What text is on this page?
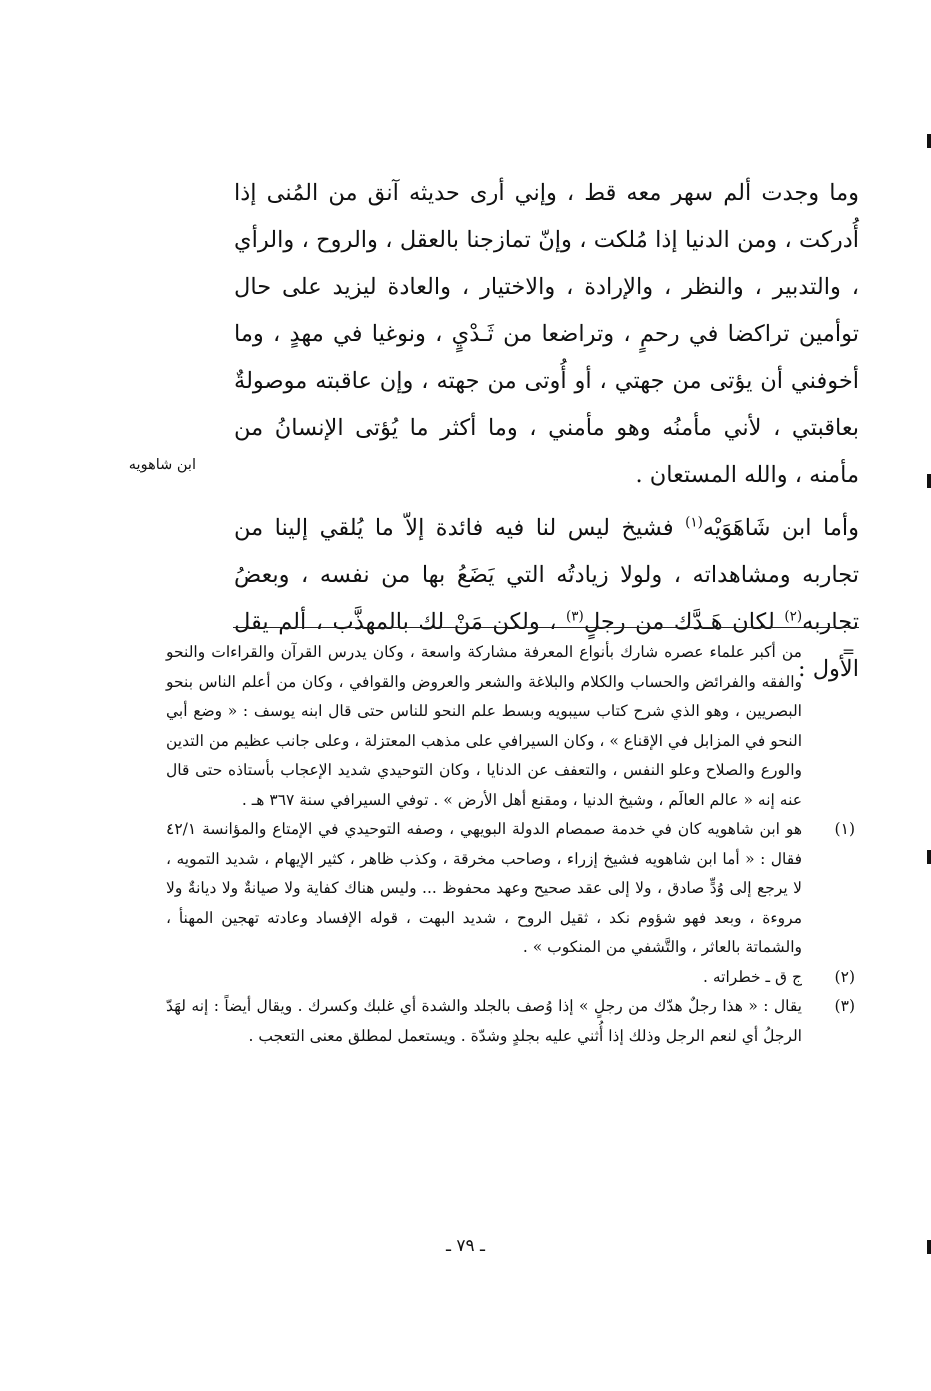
وما وجدت ألم سهر معه قط ، وإني أرى حديثه آنق من المُنى إذا أُدركت ، ومن الدنيا إذا مُلكت ، وإنّ تمازجنا بالعقل ، والروح ، والرأي ، والتدبير ، والنظر ، والإرادة ، والاختيار ، والعادة ليزيد على حال توأمين تراكضا في رحمٍ ، وتراضعا من ثَـدْيٍ ، ونوغيا في مهدٍ ، وما أخوفني أن يؤتى من جهتي ، أو أُوتى من جهته ، وإن عاقبته موصولةٌ بعاقبتي ، لأني مأمنُه وهو مأمني ، وما أكثر ما يُؤتى الإنسانُ من مأمنه ، والله المستعان .

وأما ابن شَاهَوَيْه$^{(١)}$ فشيخ ليس لنا فيه فائدة إلاّ ما يُلقي إلينا من تجاربه ومشاهداته ، ولولا زيادتُه التي يَضَعُ بها من نفسه ، وبعضُ تجاربه$^{(٢)}$ لكان هَـدَّك من رجلٍ$^{(٣)}$ ، ولكن مَنْ لك بالمهذَّب ، ألم يقل الأول :

ابن شاهويه
=
من أكبر علماء عصره شارك بأنواع المعرفة مشاركة واسعة ، وكان يدرس القرآن والقراءات والنحو والفقه والفرائض والحساب والكلام والبلاغة والشعر والعروض والقوافي ، وكان من أعلم الناس بنحو البصريين ، وهو الذي شرح كتاب سيبويه وبسط علم النحو للناس حتى قال ابنه يوسف : « وضع أبي النحو في المزابل في الإقناع » ، وكان السيرافي على مذهب المعتزلة ، وعلى جانب عظيم من التدين والورع والصلاح وعلو النفس ، والتعفف عن الدنايا ، وكان التوحيدي شديد الإعجاب بأستاذه حتى قال عنه إنه « عالم العالَم ، وشيخ الدنيا ، ومقنع أهل الأرض » . توفي السيرافي سنة ٣٦٧ هـ .
(١)
هو ابن شاهويه كان في خدمة صمصام الدولة البويهي ، وصفه التوحيدي في الإمتاع والمؤانسة ٤٢/١ فقال : « أما ابن شاهويه فشيخ إزراء ، وصاحب مخرقة ، وكذب ظاهر ، كثير الإيهام ، شديد التمويه ، لا يرجع إلى وُدٍّ صادق ، ولا إلى عقد صحيح وعهد محفوظ ... وليس هناك كفاية ولا صيانةٌ ولا ديانةٌ ولا مروءة ، وبعد فهو شؤوم نكد ، ثقيل الروح ، شديد البهت ، قوله الإفساد وعادته تهجين المهنأ ، والشماتة بالعاثر ، والتَّشفي من المنكوب » .
(٢)
ج ق ـ خطراته .
(٣)
يقال : « هذا رجلٌ هدّك من رجلٍ » إذا وُصف بالجلد والشدة أي غلبك وكسرك . ويقال أيضاً : إنه لهَدّ الرجلُ أي لنعم الرجل وذلك إذا أُثني عليه بجلدٍ وشدّة . ويستعمل لمطلق معنى التعجب .
ـ ٧٩ ـ
